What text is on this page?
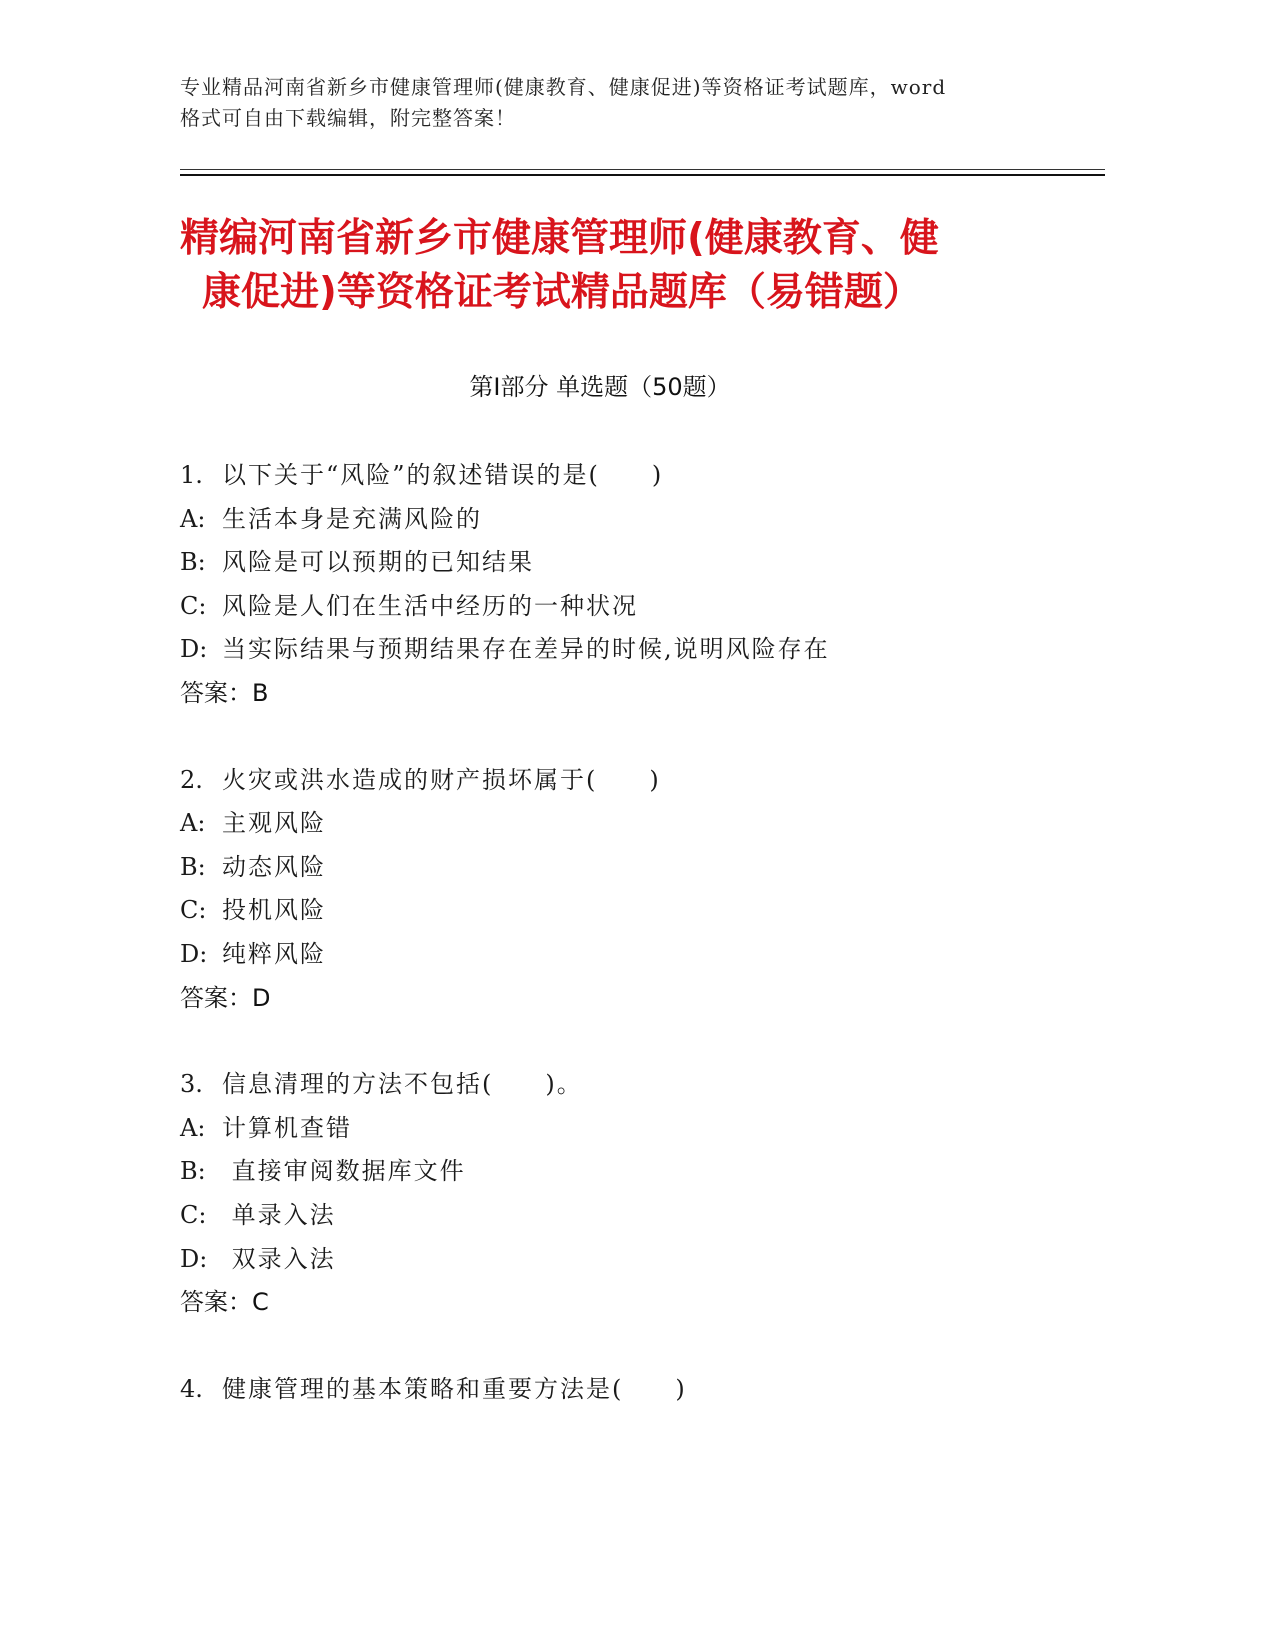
专业精品河南省新乡市健康管理师(健康教育、健康促进)等资格证考试题库，word
格式可自由下载编辑，附完整答案！
精编河南省新乡市健康管理师(健康教育、健
康促进)等资格证考试精品题库（易错题）
第Ⅰ部分 单选题（50题）
1. 以下关于“风险”的叙述错误的是(　　)
A: 生活本身是充满风险的
B: 风险是可以预期的已知结果
C: 风险是人们在生活中经历的一种状况
D: 当实际结果与预期结果存在差异的时候,说明风险存在
答案：B
2. 火灾或洪水造成的财产损坏属于(　　)
A: 主观风险
B: 动态风险
C: 投机风险
D: 纯粹风险
答案：D
3. 信息清理的方法不包括(　　)。
A: 计算机查错
B: 直接审阅数据库文件
C: 单录入法
D: 双录入法
答案：C
4. 健康管理的基本策略和重要方法是(　　)
